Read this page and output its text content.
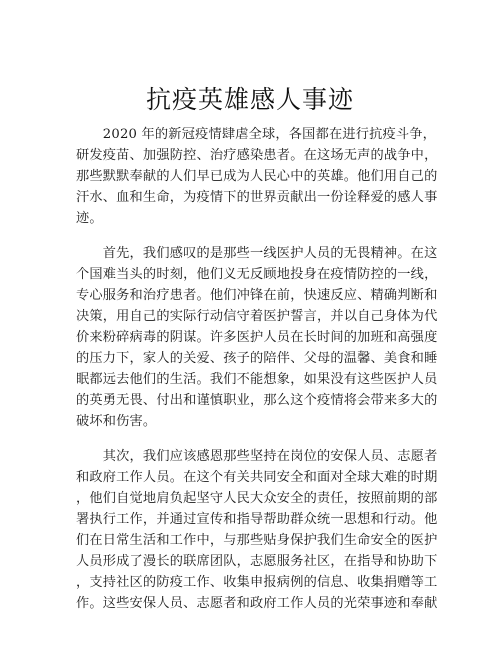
抗疫英雄感人事迹
　　2020 年的新冠疫情肆虐全球，各国都在进行抗疫斗争，
研发疫苗、加强防控、治疗感染患者。在这场无声的战争中，
那些默默奉献的人们早已成为人民心中的英雄。他们用自己的
汗水、血和生命，为疫情下的世界贡献出一份诠释爱的感人事
迹。
　　首先，我们感叹的是那些一线医护人员的无畏精神。在这
个国难当头的时刻，他们义无反顾地投身在疫情防控的一线，
专心服务和治疗患者。他们冲锋在前，快速反应、精确判断和
决策，用自己的实际行动信守着医护誓言，并以自己身体为代
价来粉碎病毒的阴谋。许多医护人员在长时间的加班和高强度
的压力下，家人的关爱、孩子的陪伴、父母的温馨、美食和睡
眠都远去他们的生活。我们不能想象，如果没有这些医护人员
的英勇无畏、付出和谨慎职业，那么这个疫情将会带来多大的
破坏和伤害。
　　其次，我们应该感恩那些坚持在岗位的安保人员、志愿者
和政府工作人员。在这个有关共同安全和面对全球大难的时期
，他们自觉地肩负起坚守人民大众安全的责任，按照前期的部
署执行工作，并通过宣传和指导帮助群众统一思想和行动。他
们在日常生活和工作中，与那些贴身保护我们生命安全的医护
人员形成了漫长的联席团队，志愿服务社区，在指导和协助下
，支持社区的防疫工作、收集申报病例的信息、收集捐赠等工
作。这些安保人员、志愿者和政府工作人员的光荣事迹和奉献
